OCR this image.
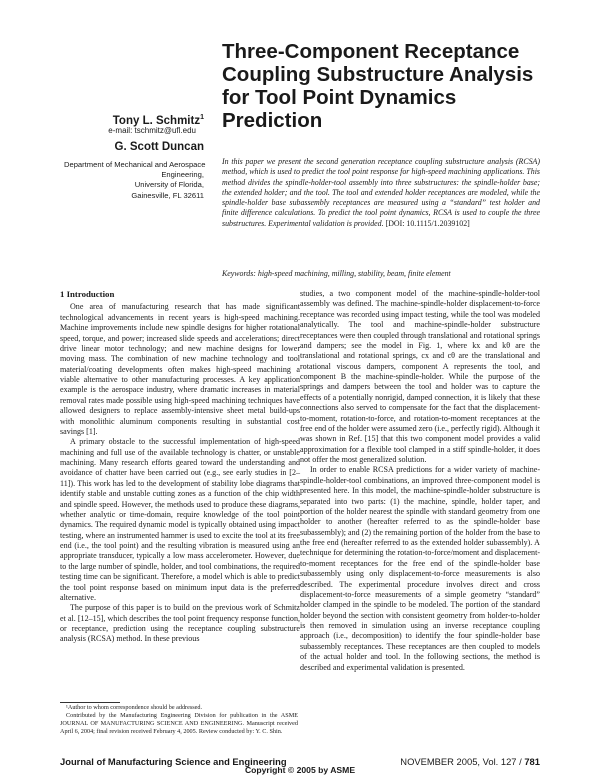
Three-Component Receptance
Coupling Substructure Analysis
for Tool Point Dynamics
Prediction
Tony L. Schmitz$^1$
e-mail: tschmitz@ufl.edu
G. Scott Duncan
Department of Mechanical and Aerospace
Engineering,
University of Florida,
Gainesville, FL 32611
In this paper we present the second generation receptance coupling substructure analysis (RCSA) method, which is used to predict the tool point response for high-speed machining applications. This method divides the spindle-holder-tool assembly into three substructures: the spindle-holder base; the extended holder; and the tool. The tool and extended holder receptances are modeled, while the spindle-holder base subassembly receptances are measured using a “standard” test holder and finite difference calculations. To predict the tool point dynamics, RCSA is used to couple the three substructures. Experimental validation is provided. [DOI: 10.1115/1.2039102]
Keywords: high-speed machining, milling, stability, beam, finite element
1 Introduction

One area of manufacturing research that has made significant technological advancements in recent years is high-speed machining. Machine improvements include new spindle designs for higher rotational speed, torque, and power; increased slide speeds and accelerations; direct drive linear motor technology; and new machine designs for lower moving mass. The combination of new machine technology and tool material/coating developments often makes high-speed machining a viable alternative to other manufacturing processes. A key application example is the aerospace industry, where dramatic increases in material removal rates made possible using high-speed machining techniques have allowed designers to replace assembly-intensive sheet metal build-ups with monolithic aluminum components resulting in substantial cost savings [1].

A primary obstacle to the successful implementation of high-speed machining and full use of the available technology is chatter, or unstable machining. Many research efforts geared toward the understanding and avoidance of chatter have been carried out (e.g., see early studies in [2–11]). This work has led to the development of stability lobe diagrams that identify stable and unstable cutting zones as a function of the chip width and spindle speed. However, the methods used to produce these diagrams, whether analytic or time-domain, require knowledge of the tool point dynamics. The required dynamic model is typically obtained using impact testing, where an instrumented hammer is used to excite the tool at its free end (i.e., the tool point) and the resulting vibration is measured using an appropriate transducer, typically a low mass accelerometer. However, due to the large number of spindle, holder, and tool combinations, the required testing time can be significant. Therefore, a model which is able to predict the tool point response based on minimum input data is the preferred alternative.

The purpose of this paper is to build on the previous work of Schmitz et al. [12–15], which describes the tool point frequency response function, or receptance, prediction using the receptance coupling substructure analysis (RCSA) method. In these previous

studies, a two component model of the machine-spindle-holder-tool assembly was defined. The machine-spindle-holder displacement-to-force receptance was recorded using impact testing, while the tool was modeled analytically. The tool and machine-spindle-holder substructure receptances were then coupled through translational and rotational springs and dampers; see the model in Fig. 1, where kx and kθ are the translational and rotational springs, cx and cθ are the translational and rotational viscous dampers, component A represents the tool, and component B the machine-spindle-holder. While the purpose of the springs and dampers between the tool and holder was to capture the effects of a potentially nonrigid, damped connection, it is likely that these connections also served to compensate for the fact that the displacement-to-moment, rotation-to-force, and rotation-to-moment receptances at the free end of the holder were assumed zero (i.e., perfectly rigid). Although it was shown in Ref. [15] that this two component model provides a valid approximation for a flexible tool clamped in a stiff spindle-holder, it does not offer the most generalized solution.

In order to enable RCSA predictions for a wider variety of machine-spindle-holder-tool combinations, an improved three-component model is presented here. In this model, the machine-spindle-holder substructure is separated into two parts: (1) the machine, spindle, holder taper, and portion of the holder nearest the spindle with standard geometry from one holder to another (hereafter referred to as the spindle-holder base subassembly); and (2) the remaining portion of the holder from the base to the free end (hereafter referred to as the extended holder subassembly). A technique for determining the rotation-to-force/moment and displacement-to-moment receptances for the free end of the spindle-holder base subassembly using only displacement-to-force measurements is also described. The experimental procedure involves direct and cross displacement-to-force measurements of a simple geometry “standard” holder clamped in the spindle to be modeled. The portion of the standard holder beyond the section with consistent geometry from holder-to-holder is then removed in simulation using an inverse receptance coupling approach (i.e., decomposition) to identify the four spindle-holder base subassembly receptances. These receptances are then coupled to models of the actual holder and tool. In the following sections, the method is described and experimental validation is presented.

¹Author to whom correspondence should be addressed.

Contributed by the Manufacturing Engineering Division for publication in the ASME JOURNAL OF MANUFACTURING SCIENCE AND ENGINEERING. Manuscript received April 6, 2004; final revision received February 4, 2005. Review conducted by: Y. C. Shin.

Journal of Manufacturing Science and Engineering	NOVEMBER 2005, Vol. 127 / 781
Copyright © 2005 by ASME
